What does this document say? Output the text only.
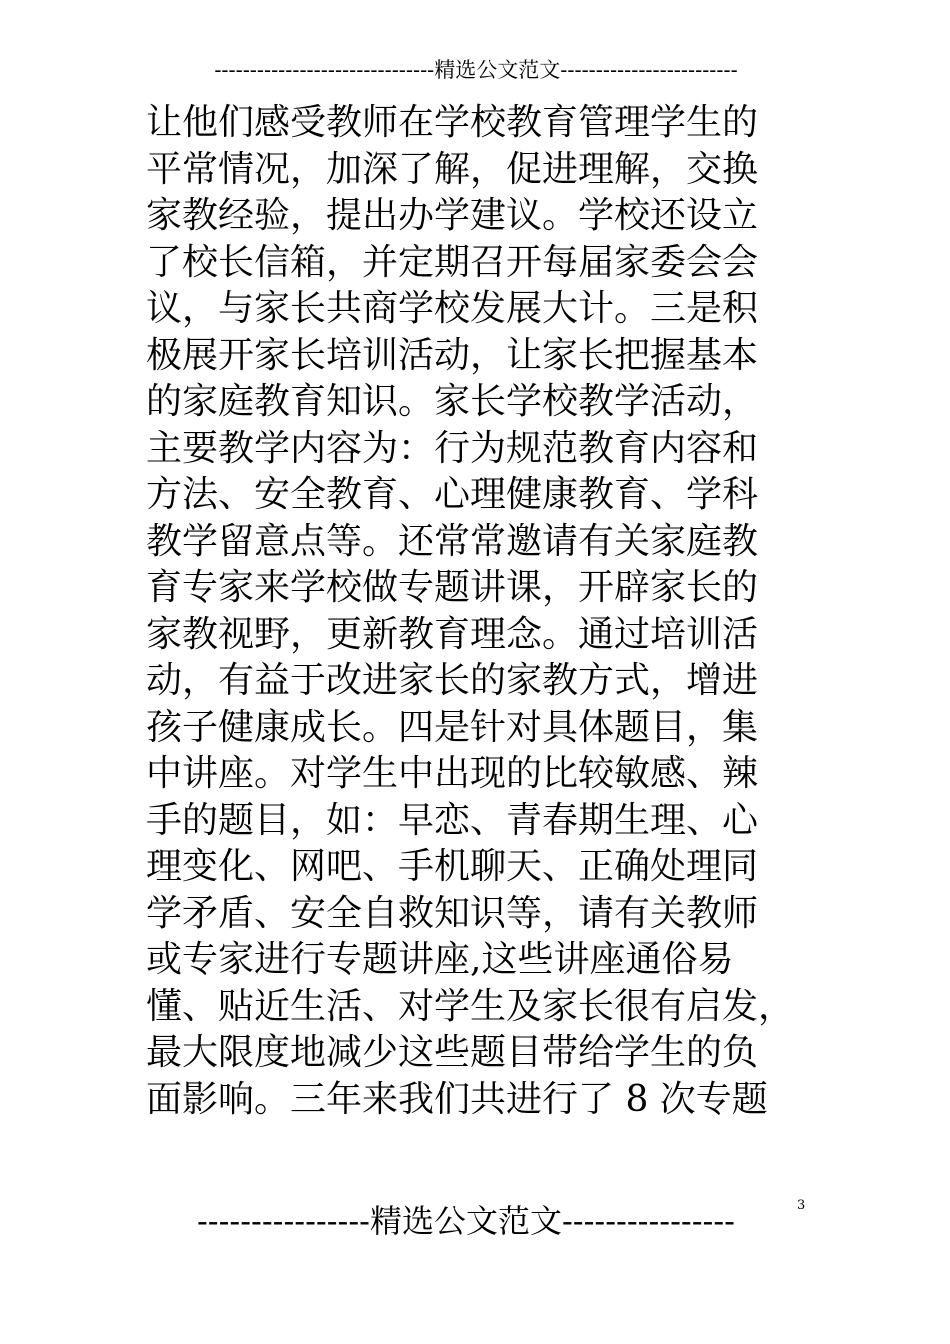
-------------------------------精选公文范文-------------------------
让他们感受教师在学校教育管理学生的
平常情况，加深了解，促进理解，交换
家教经验，提出办学建议。学校还设立
了校长信箱，并定期召开每届家委会会
议，与家长共商学校发展大计。三是积
极展开家长培训活动，让家长把握基本
的家庭教育知识。家长学校教学活动，
主要教学内容为：行为规范教育内容和
方法、安全教育、心理健康教育、学科
教学留意点等。还常常邀请有关家庭教
育专家来学校做专题讲课，开辟家长的
家教视野，更新教育理念。通过培训活
动，有益于改进家长的家教方式，增进
孩子健康成长。四是针对具体题目，集
中讲座。对学生中出现的比较敏感、辣
手的题目，如：早恋、青春期生理、心
理变化、网吧、手机聊天、正确处理同
学矛盾、安全自救知识等，请有关教师
或专家进行专题讲座,这些讲座通俗易
懂、贴近生活、对学生及家长很有启发，
最大限度地减少这些题目带给学生的负
面影响。三年来我们共进行了 8 次专题
----------------精选公文范文----------------	3
